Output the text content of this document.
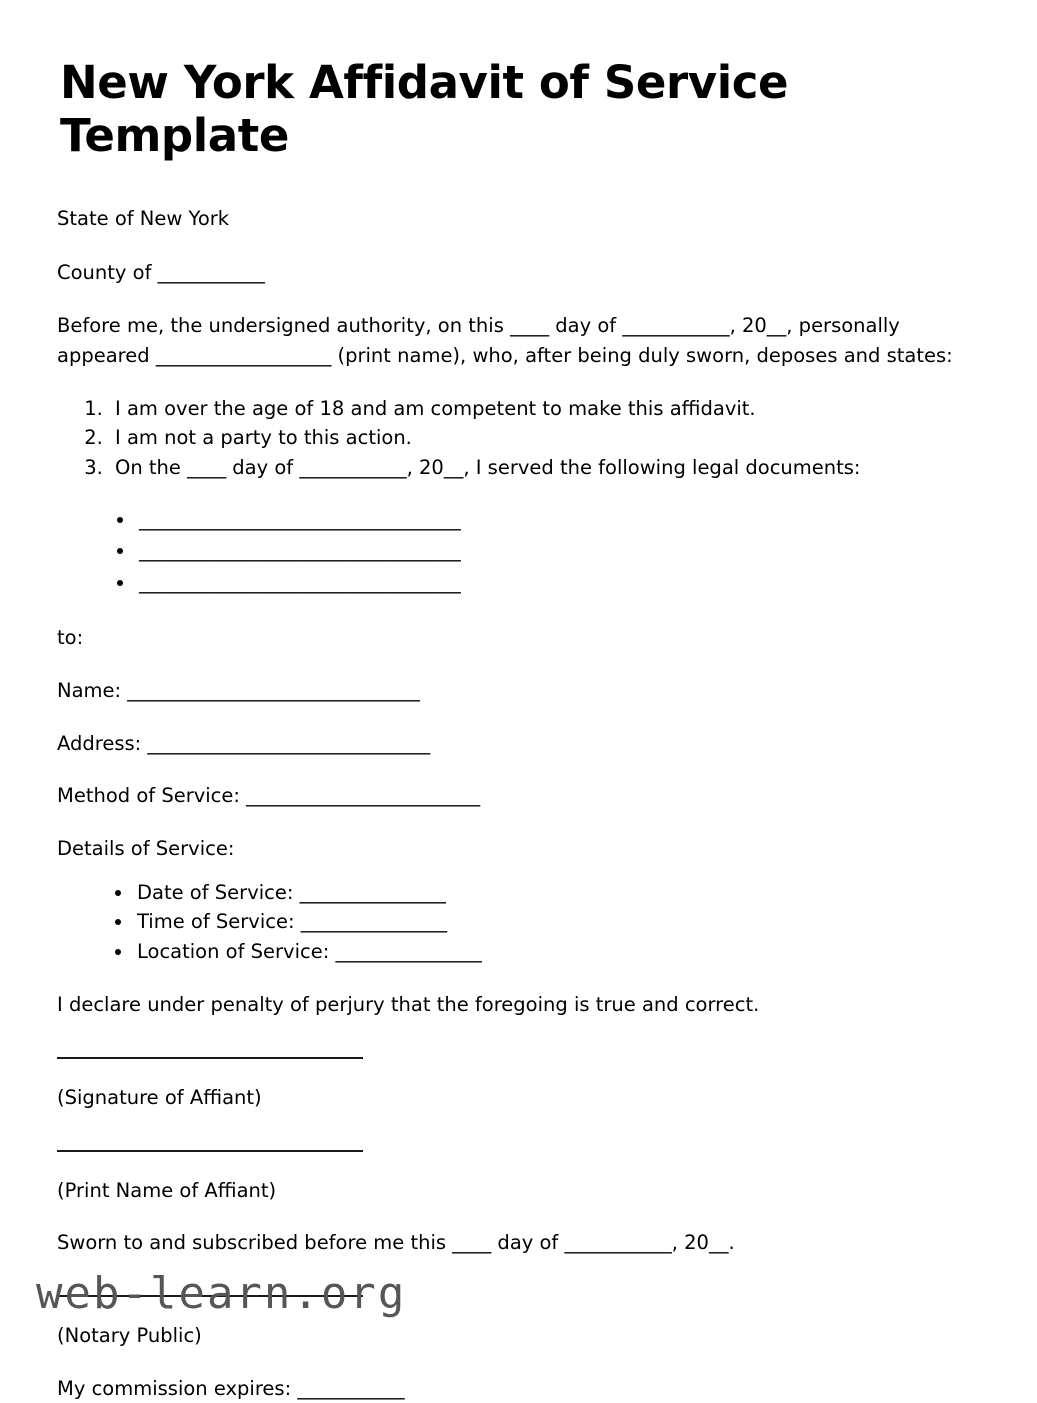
New York Affidavit of Service Template

State of New York

County of ___________

Before me, the undersigned authority, on this ____ day of ___________, 20__, personally appeared __________________ (print name), who, after being duly sworn, deposes and states:

1. I am over the age of 18 and am competent to make this affidavit.
2. I am not a party to this action.
3. On the ____ day of ___________, 20__, I served the following legal documents:
_________________________________
_________________________________
_________________________________

to:

Name: ______________________________

Address: _____________________________

Method of Service: ________________________

Details of Service:

Date of Service: _______________
Time of Service: _______________
Location of Service: _______________

I declare under penalty of perjury that the foregoing is true and correct.

(Signature of Affiant)

(Print Name of Affiant)

Sworn to and subscribed before me this ____ day of ___________, 20__.

(Notary Public)

My commission expires: ___________

web-learn.org
